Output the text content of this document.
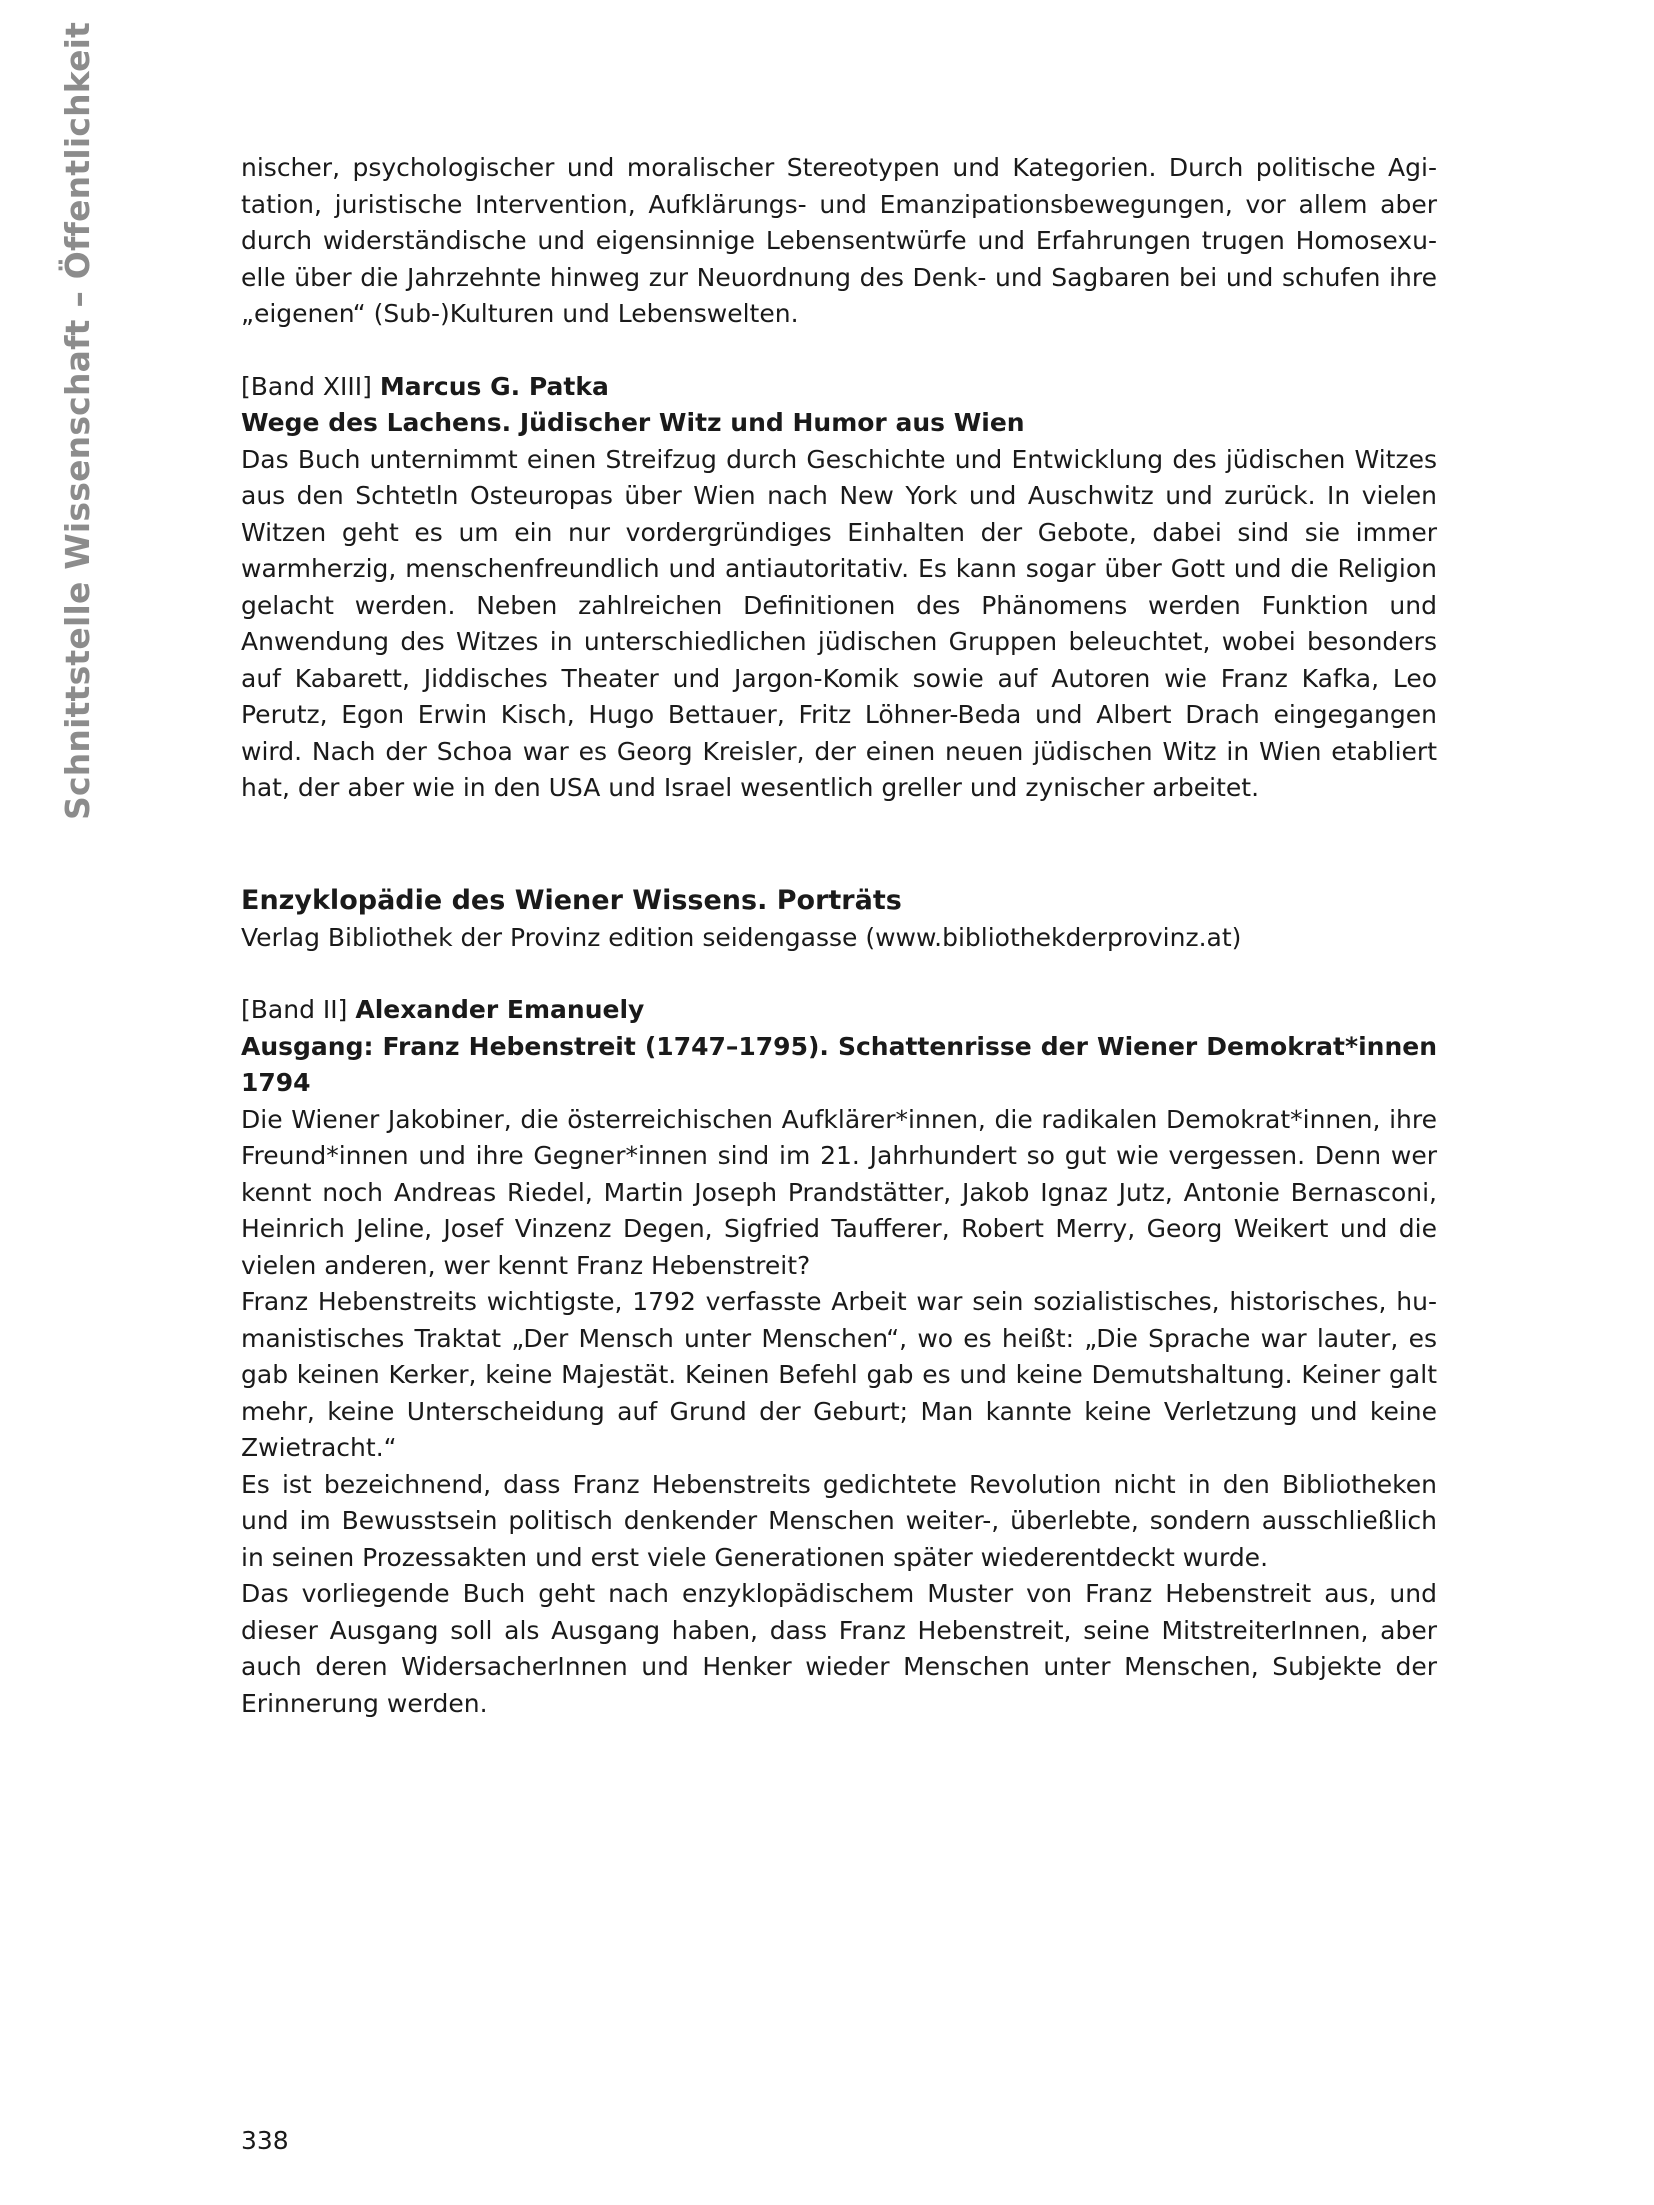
Schnittstelle Wissenschaft – Öffentlichkeit	nischer, psychologischer und moralischer Stereotypen und Kategorien. Durch politische Agitation, juristische Intervention, Aufklärungs- und Emanzipationsbewegungen, vor allem aber durch widerständische und eigensinnige Lebensentwürfe und Erfahrungen trugen Homosexuelle über die Jahrzehnte hinweg zur Neuordnung des Denk- und Sagbaren bei und schufen ihre „eigenen“ (Sub-)Kulturen und Lebenswelten.

[Band XIII] Marcus G. Patka

Wege des Lachens. Jüdischer Witz und Humor aus Wien

Das Buch unternimmt einen Streifzug durch Geschichte und Entwicklung des jüdischen Witzes aus den Schtetln Osteuropas über Wien nach New York und Auschwitz und zurück. In vielen Witzen geht es um ein nur vordergründiges Einhalten der Gebote, dabei sind sie immer warmherzig, menschenfreundlich und antiautoritativ. Es kann sogar über Gott und die Religion gelacht werden. Neben zahlreichen Definitionen des Phänomens werden Funktion und Anwendung des Witzes in unterschiedlichen jüdischen Gruppen beleuchtet, wobei besonders auf Kabarett, Jiddisches Theater und Jargon-Komik sowie auf Autoren wie Franz Kafka, Leo Perutz, Egon Erwin Kisch, Hugo Bettauer, Fritz Löhner-Beda und Albert Drach eingegangen wird. Nach der Schoa war es Georg Kreisler, der einen neuen jüdischen Witz in Wien etabliert hat, der aber wie in den USA und Israel wesentlich greller und zynischer arbeitet.

Enzyklopädie des Wiener Wissens. Porträts

Verlag Bibliothek der Provinz edition seidengasse (www.bibliothekderprovinz.at)

[Band II] Alexander Emanuely

Ausgang: Franz Hebenstreit (1747–1795). Schattenrisse der Wiener Demokrat*innen 1794

Die Wiener Jakobiner, die österreichischen Aufklärer*innen, die radikalen Demokrat*innen, ihre Freund*innen und ihre Gegner*innen sind im 21. Jahrhundert so gut wie vergessen. Denn wer kennt noch Andreas Riedel, Martin Joseph Prandstätter, Jakob Ignaz Jutz, Antonie Bernasconi, Heinrich Jeline, Josef Vinzenz Degen, Sigfried Taufferer, Robert Merry, Georg Weikert und die vielen anderen, wer kennt Franz Hebenstreit?

Franz Hebenstreits wichtigste, 1792 verfasste Arbeit war sein sozialistisches, historisches, humanistisches Traktat „Der Mensch unter Menschen“, wo es heißt: „Die Sprache war lauter, es gab keinen Kerker, keine Majestät. Keinen Befehl gab es und keine Demutshaltung. Keiner galt mehr, keine Unterscheidung auf Grund der Geburt; Man kannte keine Verletzung und keine Zwietracht.“

Es ist bezeichnend, dass Franz Hebenstreits gedichtete Revolution nicht in den Bibliotheken und im Bewusstsein politisch denkender Menschen weiter-, überlebte, sondern ausschließlich in seinen Prozessakten und erst viele Generationen später wiederentdeckt wurde.

Das vorliegende Buch geht nach enzyklopädischem Muster von Franz Hebenstreit aus, und dieser Ausgang soll als Ausgang haben, dass Franz Hebenstreit, seine MitstreiterInnen, aber auch deren WidersacherInnen und Henker wieder Menschen unter Menschen, Subjekte der Erinnerung werden.

338
